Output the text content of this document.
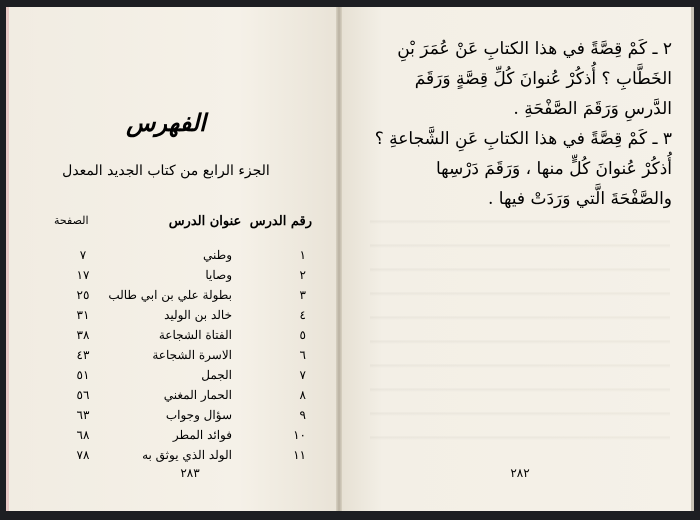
الفهرس
الجزء الرابع من كتاب الجديد المعدل
رقم الدرس
عنوان الدرس
الصفحة
١
وطني
٧
٢
وصايا
١٧
٣
بطولة علي بن ابي طالب
٢٥
٤
خالد بن الوليد
٣١
٥
الفتاة الشجاعة
٣٨
٦
الاسرة الشجاعة
٤٣
٧
الجمل
٥١
٨
الحمار المغني
٥٦
٩
سؤال وجواب
٦٣
١٠
فوائد المطر
٦٨
١١
الولد الذي يوثق به
٧٨
٢٨٣
٢ ـ كَمْ قِصَّةً في هذا الكتابِ عَنْ عُمَرَ بْنِ
الخَطَّابِ ؟ أُذكُرْ عُنوانَ كُلِّ قِصَّةٍ وَرَقَمَ
الدَّرسِ وَرَقَمَ الصَّفْحَةِ .
٣ ـ كَمْ قِصَّةً في هذا الكتابِ عَنِ الشَّجاعةِ ؟
أُذكُرْ عُنوانَ كُلٍّ منها ، وَرَقَمَ دَرْسِها
والصَّفْحَةَ الَّتي وَرَدَتْ فيها .
٢٨٢
